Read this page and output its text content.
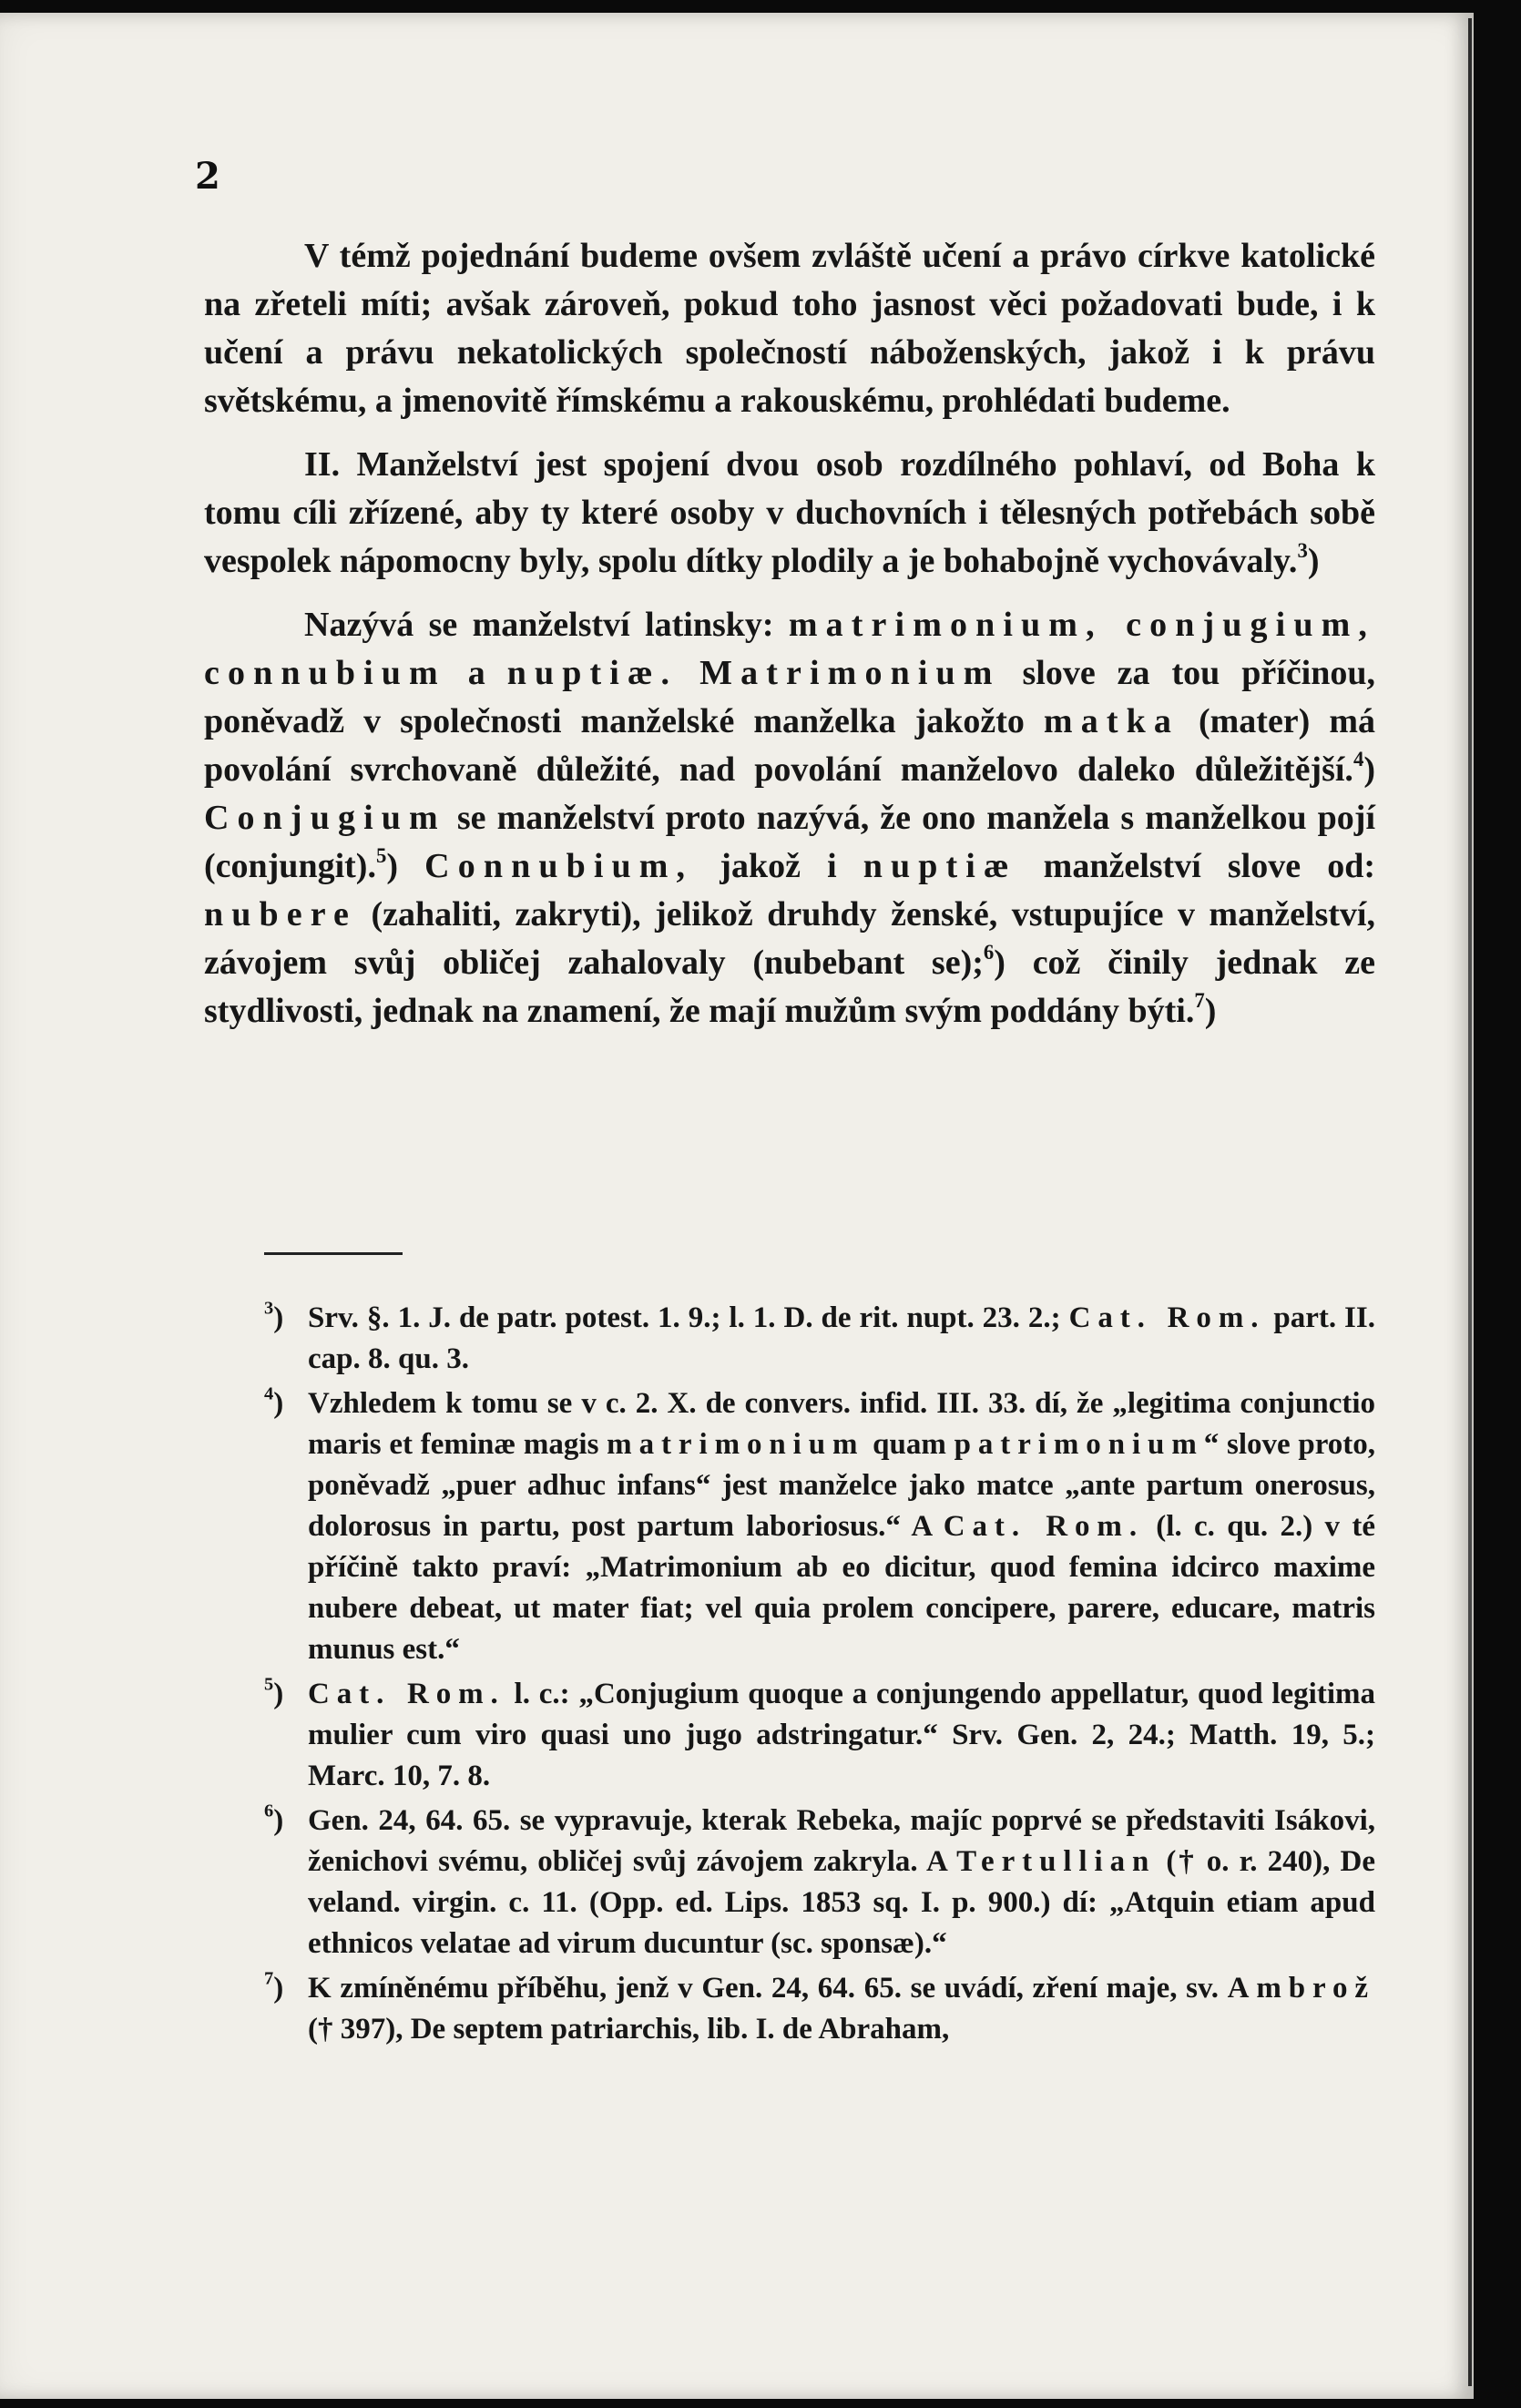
2

V témž pojednání budeme ovšem zvláště učení a právo církve katolické na zřeteli míti; avšak zároveň, pokud toho jasnost věci požadovati bude, i k učení a právu nekatolických společností náboženských, jakož i k právu světskému, a jmenovitě římskému a rakouskému, prohlédati budeme.

II. Manželství jest spojení dvou osob rozdílného pohlaví, od Boha k tomu cíli zřízené, aby ty které osoby v duchovních i tělesných potřebách sobě vespolek nápomocny byly, spolu dítky plodily a je bohabojně vychovávaly.$^3$)

Nazývá se manželství latinsky: matrimonium, conjugium, connubium a nuptiæ. Matrimonium slove za tou příčinou, poněvadž v společnosti manželské manželka jakožto matka (mater) má povolání svrchovaně důležité, nad povolání manželovo daleko důležitější.$^4$) Conjugium se manželství proto nazývá, že ono manžela s manželkou pojí (conjungit).$^5$) Connubium, jakož i nuptiæ manželství slove od: nubere (zahaliti, zakryti), jelikož druhdy ženské, vstupujíce v manželství, závojem svůj obličej zahalovaly (nubebant se);$^6$) což činily jednak ze stydlivosti, jednak na znamení, že mají mužům svým poddány býti.$^7$)

$^3$) Srv. §. 1. J. de patr. potest. 1. 9.; l. 1. D. de rit. nupt. 23. 2.; Cat. Rom. part. II. cap. 8. qu. 3.
$^4$) Vzhledem k tomu se v c. 2. X. de convers. infid. III. 33. dí, že „legitima conjunctio maris et feminæ magis matrimonium quam patrimonium“ slove proto, poněvadž „puer adhuc infans“ jest manželce jako matce „ante partum onerosus, dolorosus in partu, post partum laboriosus.“ A Cat. Rom. (l. c. qu. 2.) v té příčině takto praví: „Matrimonium ab eo dicitur, quod femina idcirco maxime nubere debeat, ut mater fiat; vel quia prolem concipere, parere, educare, matris munus est.“
$^5$) Cat. Rom. l. c.: „Conjugium quoque a conjungendo appellatur, quod legitima mulier cum viro quasi uno jugo adstringatur.“ Srv. Gen. 2, 24.; Matth. 19, 5.; Marc. 10, 7. 8.
$^6$) Gen. 24, 64. 65. se vypravuje, kterak Rebeka, majíc poprvé se představiti Isákovi, ženichovi svému, obličej svůj závojem zakryla. A Tertullian († o. r. 240), De veland. virgin. c. 11. (Opp. ed. Lips. 1853 sq. I. p. 900.) dí: „Atquin etiam apud ethnicos velatae ad virum ducuntur (sc. sponsæ).“
$^7$) K zmíněnému příběhu, jenž v Gen. 24, 64. 65. se uvádí, zření maje, sv. Ambrož († 397), De septem patriarchis, lib. I. de Abraham,
